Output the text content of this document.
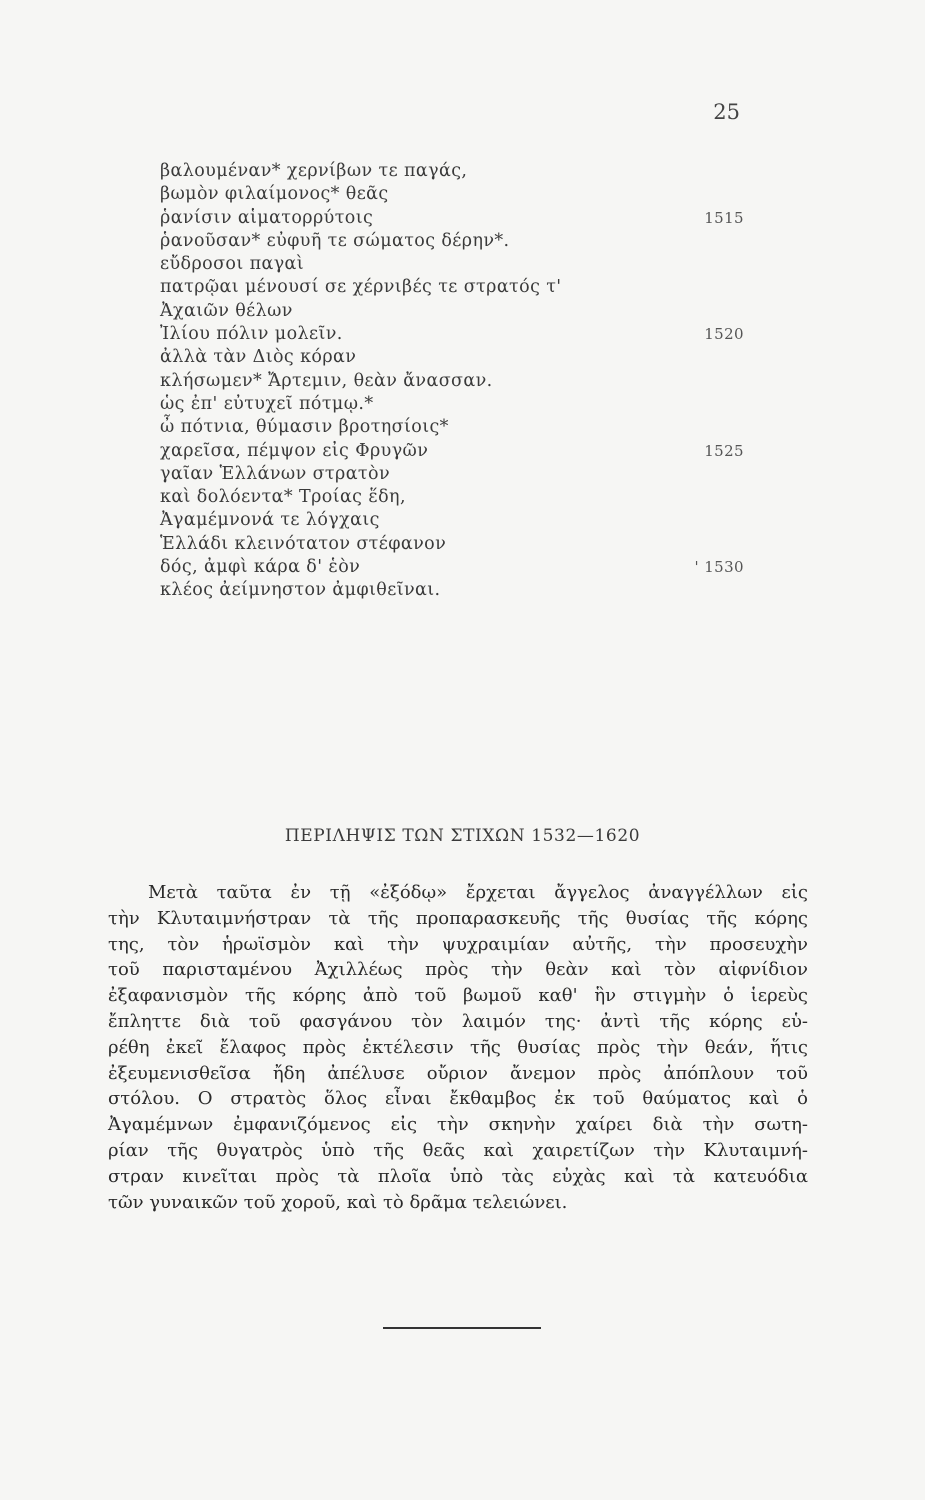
25
βαλουμέναν* χερνίβων τε παγάς,
βωμὸν φιλαίμονος* θεᾶς
ῥανίσιν αἱματορρύτοις	1515
ῥανοῦσαν* εὐφυῆ τε σώματος δέρην*.
εὔδροσοι παγαὶ
πατρῷαι μένουσί σε χέρνιβές τε στρατός τ'
Ἀχαιῶν θέλων
Ἰλίου πόλιν μολεῖν.	1520
ἀλλὰ τὰν Διὸς κόραν
κλήσωμεν* Ἄρτεμιν, θεὰν ἄνασσαν.
ὡς ἐπ' εὐτυχεῖ πότμῳ.*
ὦ πότνια, θύμασιν βροτησίοις*
χαρεῖσα, πέμψον εἰς Φρυγῶν	1525
γαῖαν Ἑλλάνων στρατὸν
καὶ δολόεντα* Τροίας ἕδη,
Ἀγαμέμνονά τε λόγχαις
Ἑλλάδι κλεινότατον στέφανον
δός, ἀμφὶ κάρα δ' ἑὸν	' 1530
κλέος ἀείμνηστον ἀμφιθεῖναι.
ΠΕΡΙΛΗΨΙΣ ΤΩΝ ΣΤΙΧΩΝ 1532—1620
Μετὰ ταῦτα ἐν τῇ «ἐξόδῳ» ἔρχεται ἄγγελος ἀναγγέλλων εἰς
τὴν Κλυταιμνήστραν τὰ τῆς προπαρασκευῆς τῆς θυσίας τῆς κόρης
της, τὸν ἡρωϊσμὸν καὶ τὴν ψυχραιμίαν αὐτῆς, τὴν προσευχὴν
τοῦ παρισταμένου Ἀχιλλέως πρὸς τὴν θεὰν καὶ τὸν αἰφνίδιον
ἐξαφανισμὸν τῆς κόρης ἀπὸ τοῦ βωμοῦ καθ' ἣν στιγμὴν ὁ ἱερεὺς
ἔπληττε διὰ τοῦ φασγάνου τὸν λαιμόν της· ἀντὶ τῆς κόρης εὑ-
ρέθη ἐκεῖ ἔλαφος πρὸς ἐκτέλεσιν τῆς θυσίας πρὸς τὴν θεάν, ἥτις
ἐξευμενισθεῖσα ἤδη ἀπέλυσε οὔριον ἄνεμον πρὸς ἀπόπλουν τοῦ
στόλου. Ο στρατὸς ὅλος εἶναι ἔκθαμβος ἐκ τοῦ θαύματος καὶ ὁ
Ἀγαμέμνων ἐμφανιζόμενος εἰς τὴν σκηνὴν χαίρει διὰ τὴν σωτη-
ρίαν τῆς θυγατρὸς ὑπὸ τῆς θεᾶς καὶ χαιρετίζων τὴν Κλυταιμνή-
στραν κινεῖται πρὸς τὰ πλοῖα ὑπὸ τὰς εὐχὰς καὶ τὰ κατευόδια
τῶν γυναικῶν τοῦ χοροῦ, καὶ τὸ δρᾶμα τελειώνει.
